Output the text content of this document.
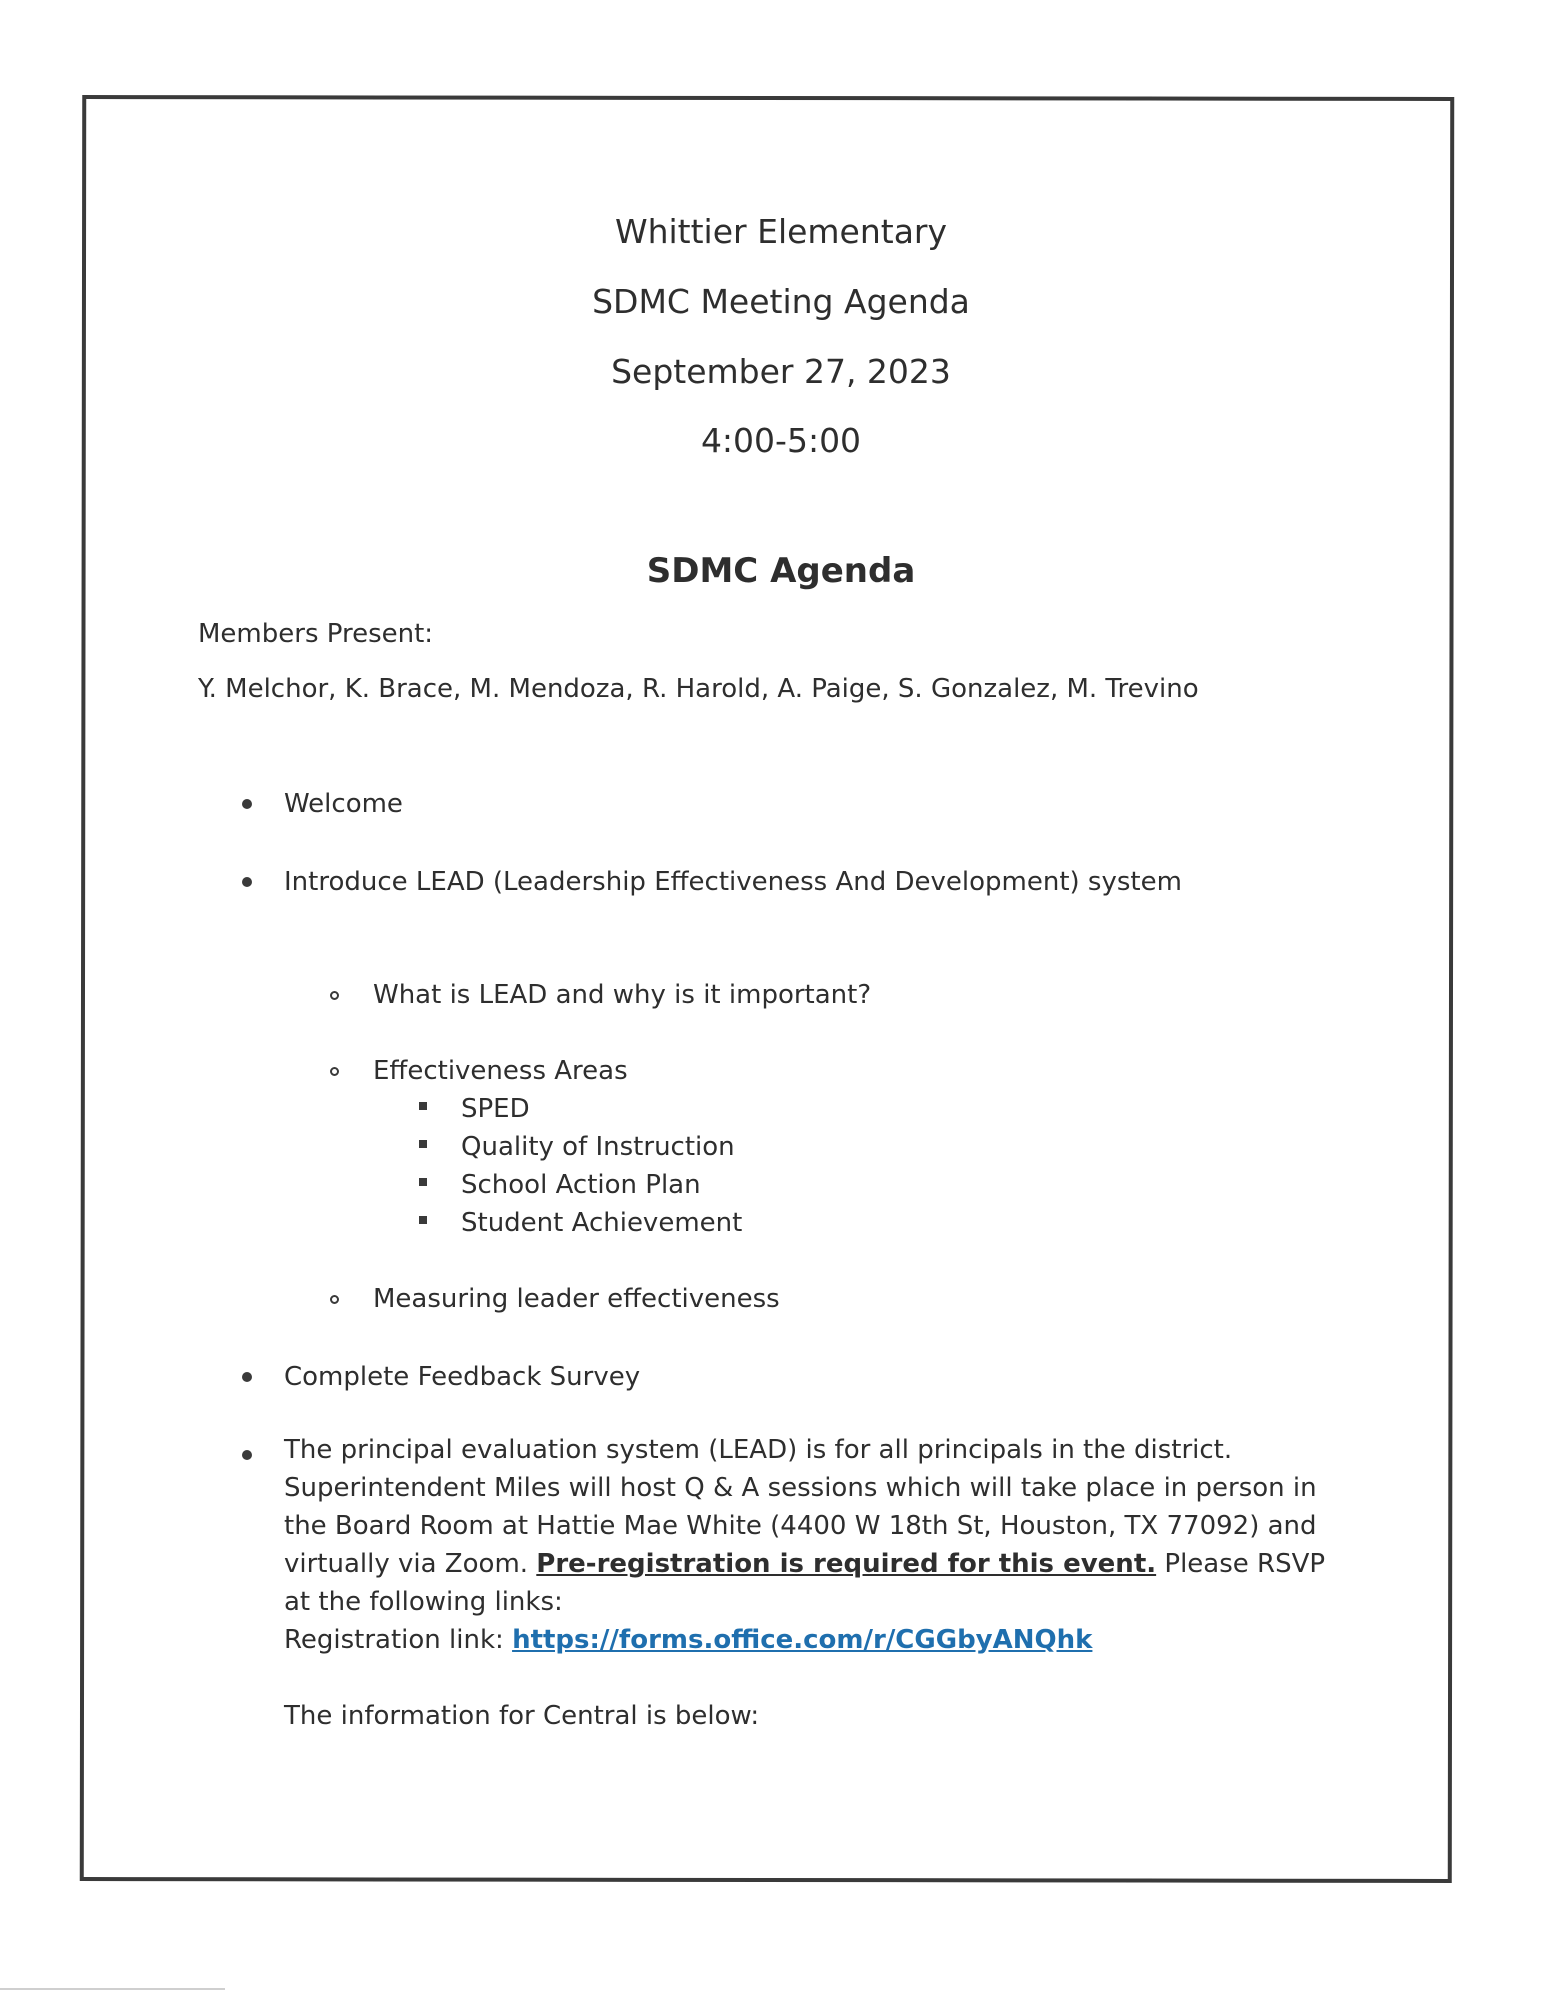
Whittier Elementary
SDMC Meeting Agenda
September 27, 2023
4:00-5:00
SDMC Agenda
Members Present:
Y. Melchor, K. Brace, M. Mendoza, R. Harold, A. Paige, S. Gonzalez, M. Trevino
Welcome
Introduce LEAD (Leadership Effectiveness And Development) system
What is LEAD and why is it important?
Effectiveness Areas
SPED
Quality of Instruction
School Action Plan
Student Achievement
Measuring leader effectiveness
Complete Feedback Survey
The principal evaluation system (LEAD) is for all principals in the district. Superintendent Miles will host Q & A sessions which will take place in person in the Board Room at Hattie Mae White (4400 W 18th St, Houston, TX 77092) and virtually via Zoom. Pre-registration is required for this event. Please RSVP at the following links:
Registration link: https://forms.office.com/r/CGGbyANQhk

The information for Central is below:
